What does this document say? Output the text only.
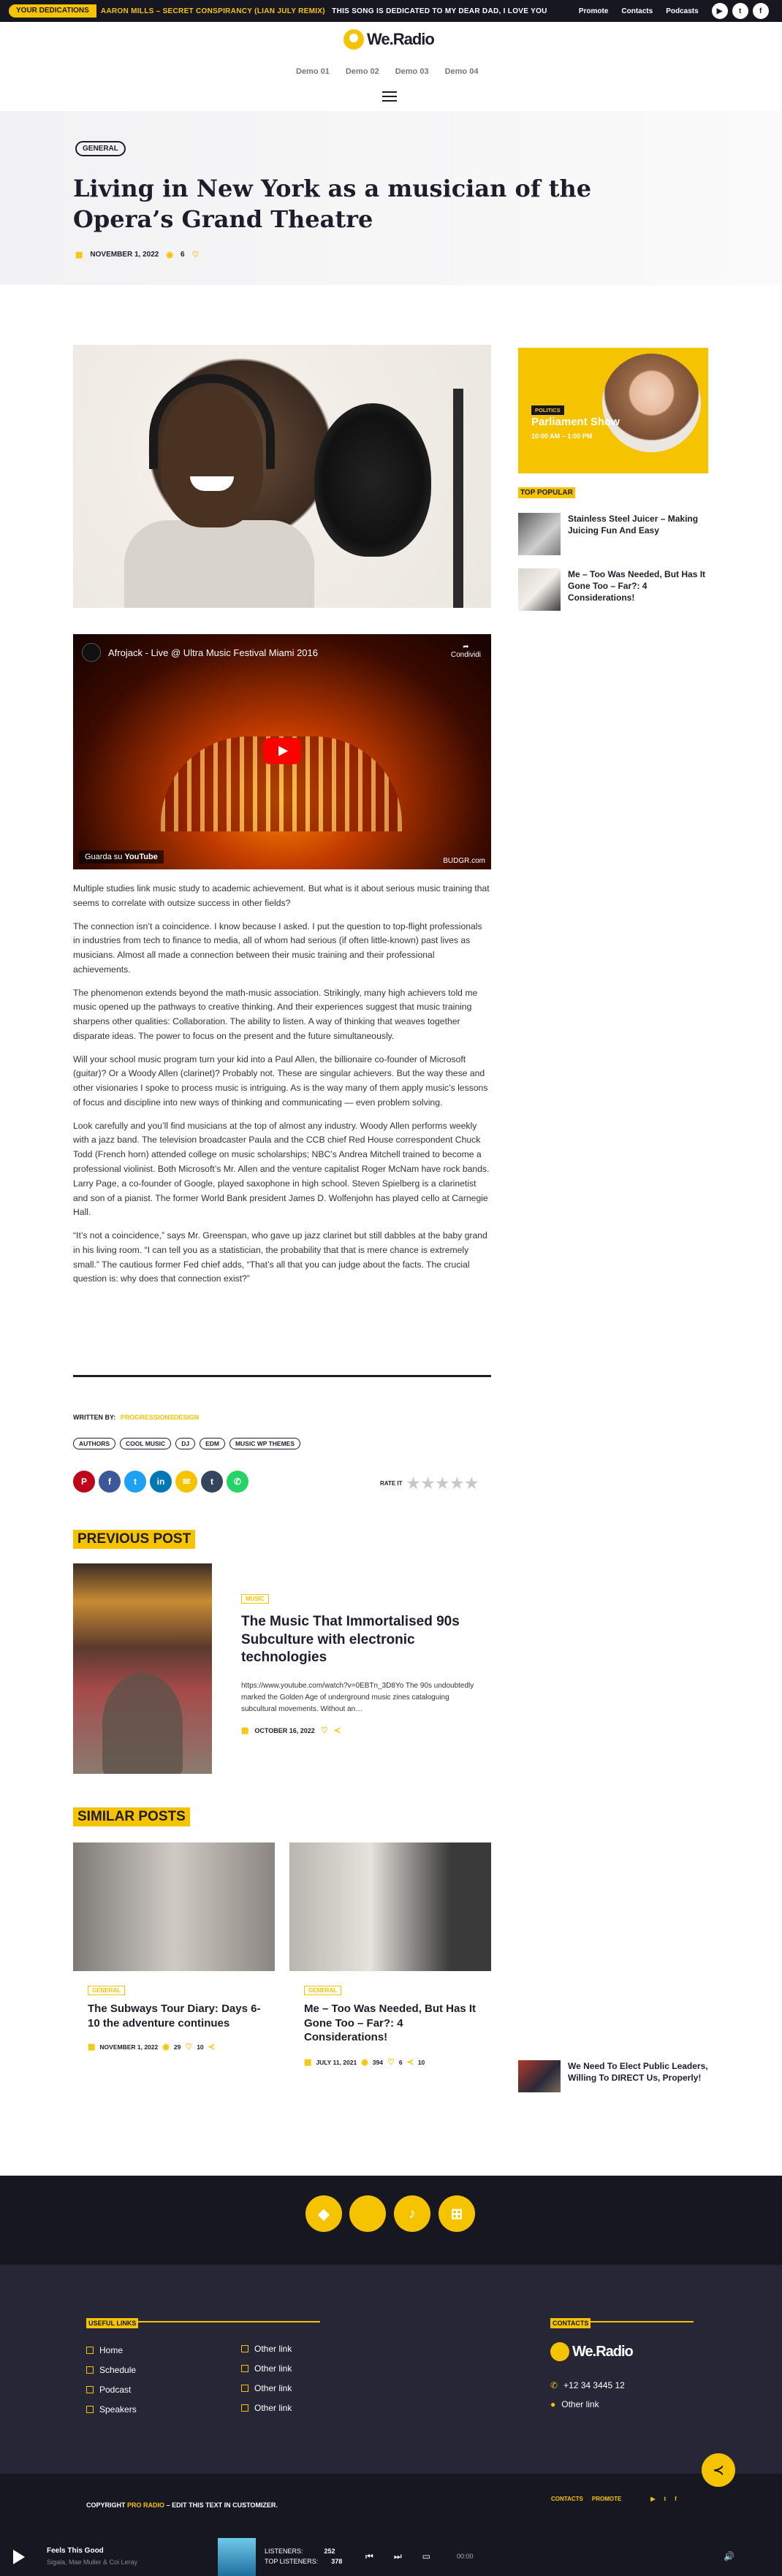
YOUR DEDICATIONS	AARON MILLS – SECRET CONSPIRANCY (LIAN JULY REMIX) THIS SONG IS DEDICATED TO MY DEAR DAD, I LOVE YOU	Promote Contacts Podcasts	▶	t	f
We.Radio
Demo 01 Demo 02 Demo 03 Demo 04
GENERAL
Living in New York as a musician of the Opera’s Grand Theatre
▦ NOVEMBER 1, 2022 ◉ 6 ♡
Afrojack - Live @ Ultra Music Festival Miami 2016	➦
Condividi
Guarda su YouTube	BUDGR.com

Multiple studies link music study to academic achievement. But what is it about serious music training that seems to correlate with outsize success in other fields?

The connection isn’t a coincidence. I know because I asked. I put the question to top-flight professionals in industries from tech to finance to media, all of whom had serious (if often little-known) past lives as musicians. Almost all made a connection between their music training and their professional achievements.

The phenomenon extends beyond the math-music association. Strikingly, many high achievers told me music opened up the pathways to creative thinking. And their experiences suggest that music training sharpens other qualities: Collaboration. The ability to listen. A way of thinking that weaves together disparate ideas. The power to focus on the present and the future simultaneously.

Will your school music program turn your kid into a Paul Allen, the billionaire co-founder of Microsoft (guitar)? Or a Woody Allen (clarinet)? Probably not. These are singular achievers. But the way these and other visionaries I spoke to process music is intriguing. As is the way many of them apply music’s lessons of focus and discipline into new ways of thinking and communicating — even problem solving.

Look carefully and you’ll find musicians at the top of almost any industry. Woody Allen performs weekly with a jazz band. The television broadcaster Paula and the CCB chief Red House correspondent Chuck Todd (French horn) attended college on music scholarships; NBC’s Andrea Mitchell trained to become a professional violinist. Both Microsoft’s Mr. Allen and the venture capitalist Roger McNam have rock bands. Larry Page, a co-founder of Google, played saxophone in high school. Steven Spielberg is a clarinetist and son of a pianist. The former World Bank president James D. Wolfenjohn has played cello at Carnegie Hall.

“It’s not a coincidence,” says Mr. Greenspan, who gave up jazz clarinet but still dabbles at the baby grand in his living room. “I can tell you as a statistician, the probability that that is mere chance is extremely small.” The cautious former Fed chief adds, “That’s all that you can judge about the facts. The crucial question is: why does that connection exist?”

WRITTEN BY: PROGRESSIONSDESIGN
AUTHORS	COOL MUSIC	DJ	EDM	MUSIC WP THEMES
P	f	t	in	✉	t	✆	RATE IT ★★★★★
PREVIOUS POST
MUSIC
The Music That Immortalised 90s Subculture with electronic technologies

https://www.youtube.com/watch?v=0EBTn_3D8Yo The 90s undoubtedly marked the Golden Age of underground music zines cataloguing subcultural movements. Without an…

▦ OCTOBER 16, 2022 ♡ ≺
SIMILAR POSTS
GENERAL
The Subways Tour Diary: Days 6-10 the adventure continues
▦ NOVEMBER 1, 2022 ◉ 29 ♡ 10 ≺
GENERAL
Me – Too Was Needed, But Has It Gone Too – Far?: 4 Considerations!
▦ JULY 11, 2021 ◉ 394 ♡ 6 ≺ 10
POLITICS
Parliament Show
10:00 AM – 1:00 PM
TOP POPULAR
Stainless Steel Juicer – Making Juicing Fun And Easy
Me – Too Was Needed, But Has It Gone Too – Far?: 4 Considerations!
We Need To Elect Public Leaders, Willing To DIRECT Us, Properly!
◆	♪	⊞
USEFUL LINKS
Home
Schedule
Podcast
Speakers
Other link
Other link
Other link
Other link
CONTACTS
We.Radio
✆ +12 34 3445 12
● Other link
COPYRIGHT PRO RADIO – EDIT THIS TEXT IN CUSTOMIZER.
CONTACTS PROMOTE	▶ t f
≺
Feels This Good
Sigala, Mae Muller & Coi Leray
LISTENERS:	252
TOP LISTENERS: 378	⏮ ⏭ ▭	00:00	🔊
